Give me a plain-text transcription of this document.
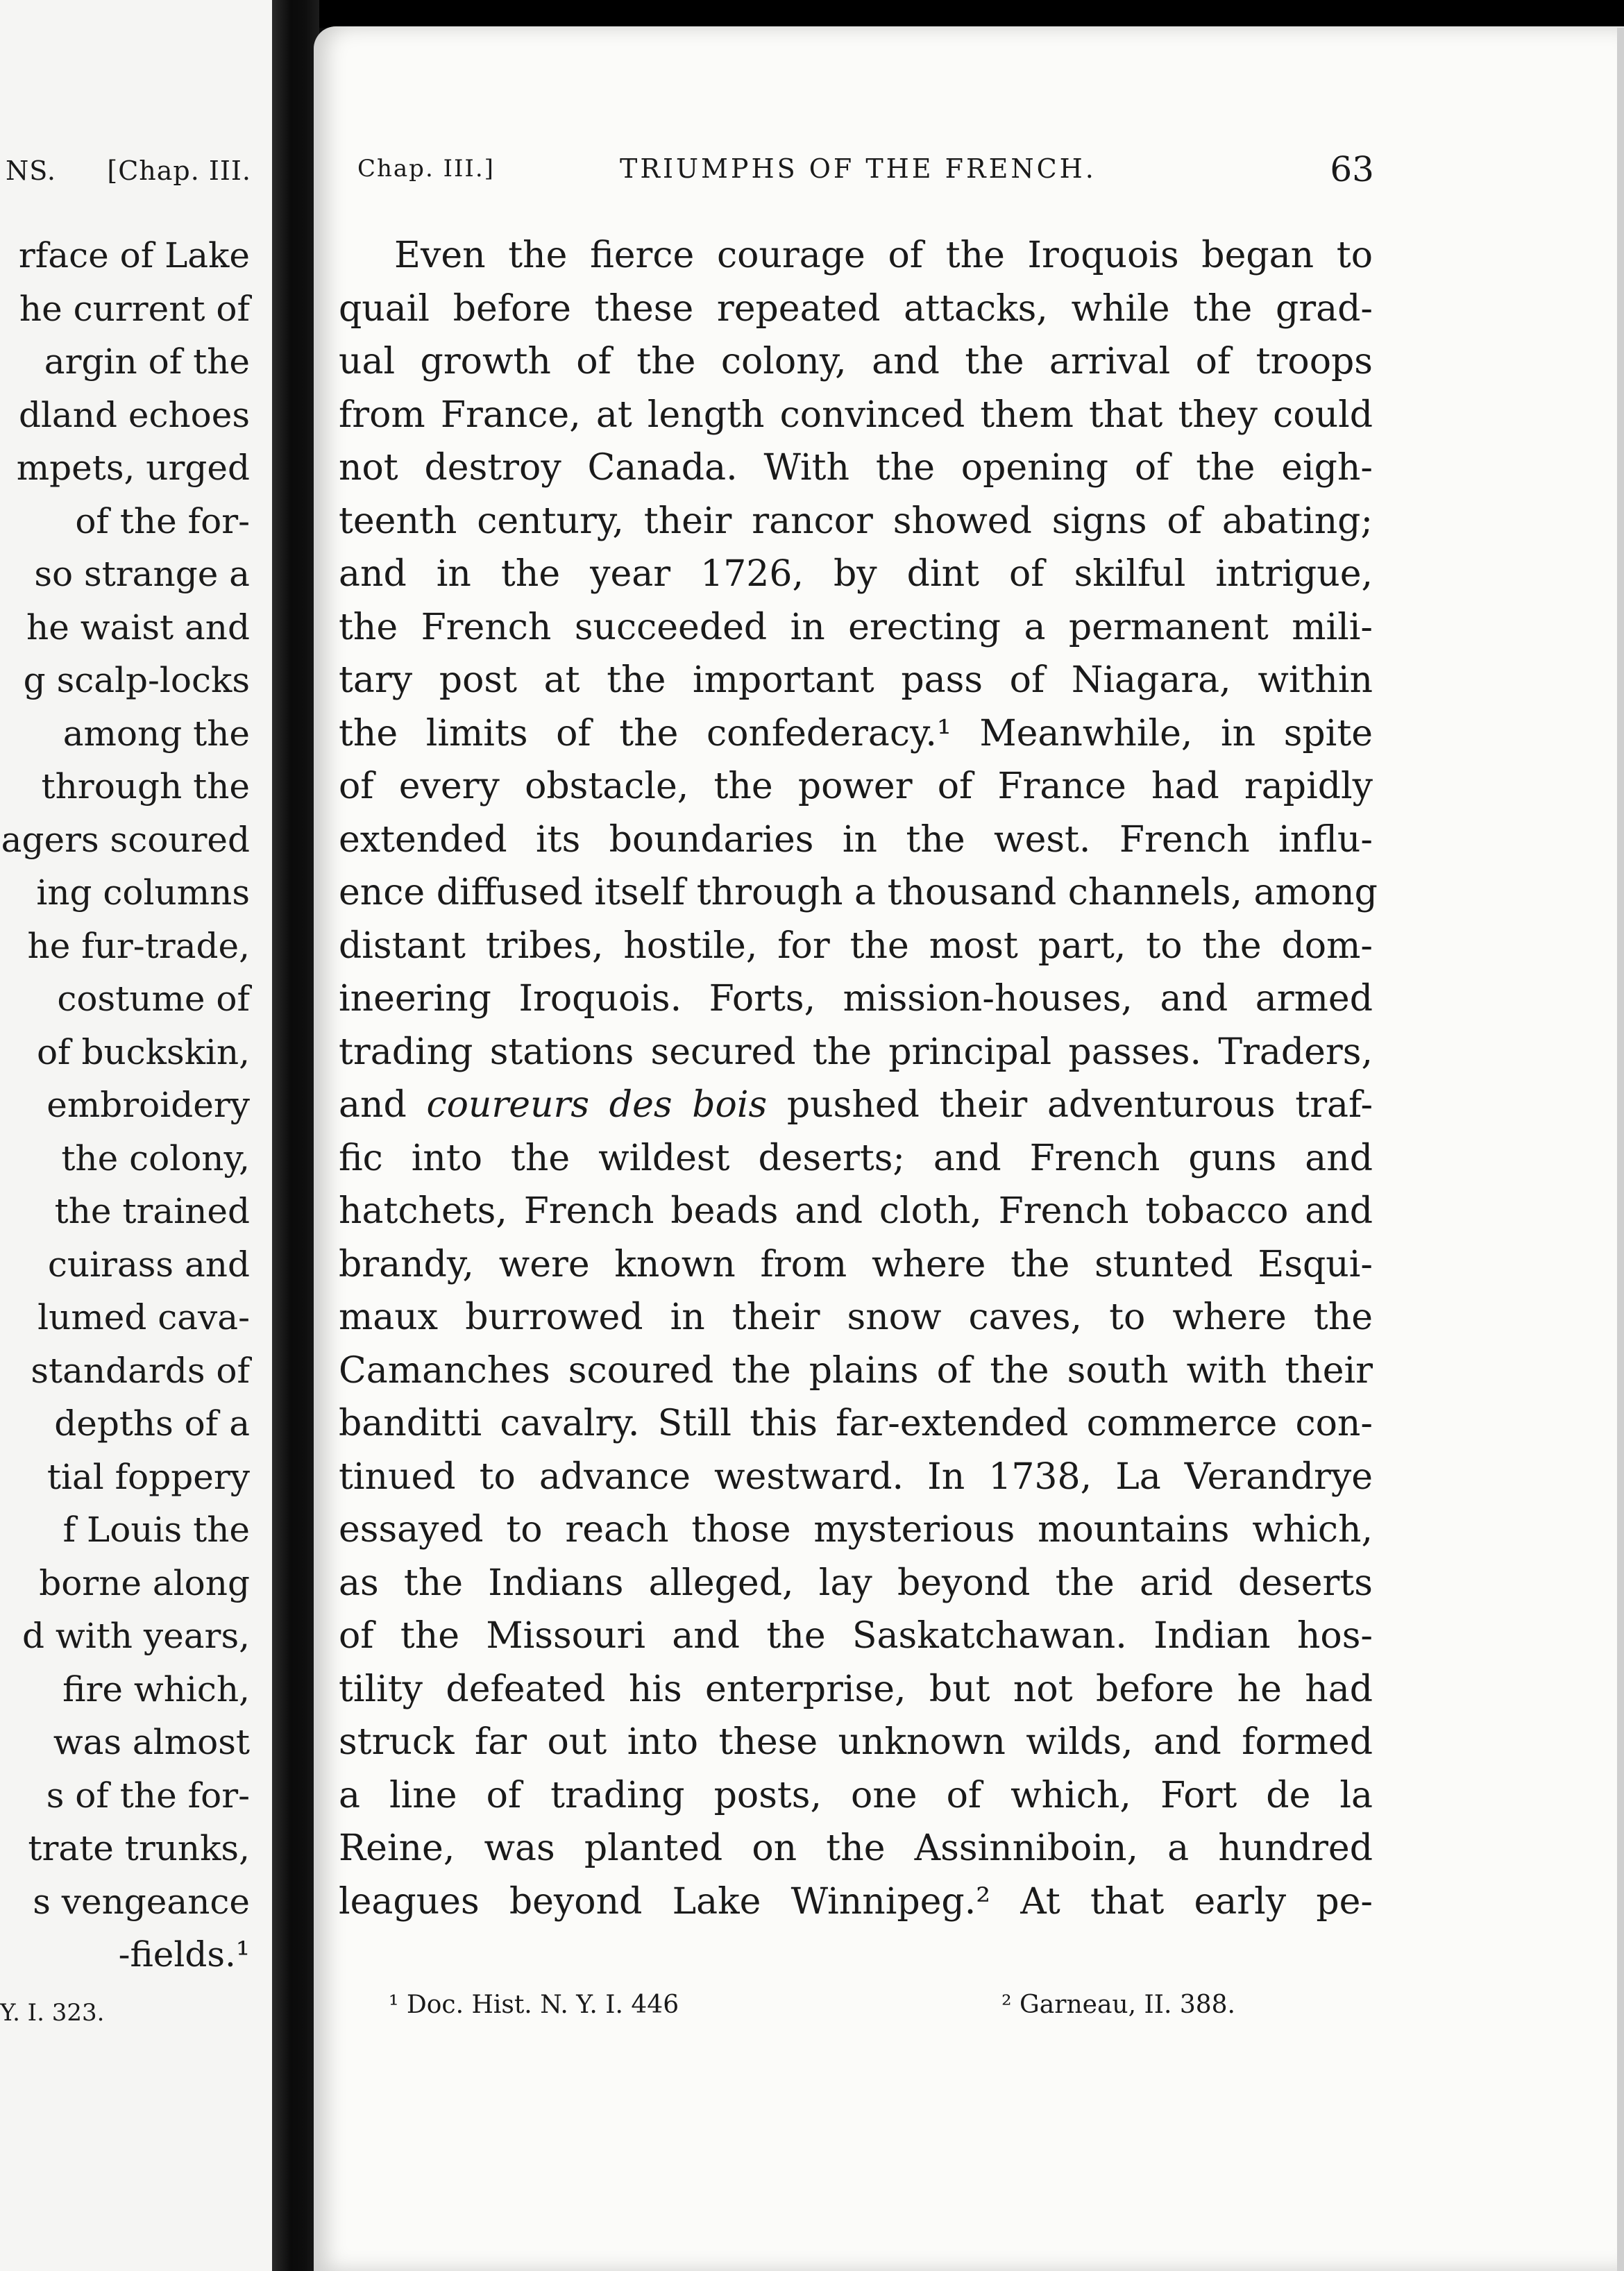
NS. [Chap. III.
rface of Lake
he current of
argin of the
dland echoes
mpets, urged
of the for-
so strange a
he waist and
g scalp-locks
among the
through the
agers scoured
ing columns
he fur-trade,
costume of
of buckskin,
embroidery
the colony,
the trained
cuirass and
lumed cava-
standards of
depths of a
tial foppery
f Louis the
borne along
d with years,
fire which,
was almost
s of the for-
trate trunks,
s vengeance
-fields.¹
Y. I. 323.
Chap. III.]	TRIUMPHS OF THE FRENCH.	63
Even the fierce courage of the Iroquois began to
quail before these repeated attacks, while the grad-
ual growth of the colony, and the arrival of troops
from France, at length convinced them that they could
not destroy Canada. With the opening of the eigh-
teenth century, their rancor showed signs of abating;
and in the year 1726, by dint of skilful intrigue,
the French succeeded in erecting a permanent mili-
tary post at the important pass of Niagara, within
the limits of the confederacy.¹ Meanwhile, in spite
of every obstacle, the power of France had rapidly
extended its boundaries in the west. French influ-
ence diffused itself through a thousand channels, among
distant tribes, hostile, for the most part, to the dom-
ineering Iroquois. Forts, mission-houses, and armed
trading stations secured the principal passes. Traders,
and coureurs des bois pushed their adventurous traf-
fic into the wildest deserts; and French guns and
hatchets, French beads and cloth, French tobacco and
brandy, were known from where the stunted Esqui-
maux burrowed in their snow caves, to where the
Camanches scoured the plains of the south with their
banditti cavalry. Still this far-extended commerce con-
tinued to advance westward. In 1738, La Verandrye
essayed to reach those mysterious mountains which,
as the Indians alleged, lay beyond the arid deserts
of the Missouri and the Saskatchawan. Indian hos-
tility defeated his enterprise, but not before he had
struck far out into these unknown wilds, and formed
a line of trading posts, one of which, Fort de la
Reine, was planted on the Assinniboin, a hundred
leagues beyond Lake Winnipeg.² At that early pe-
¹ Doc. Hist. N. Y. I. 446	² Garneau, II. 388.
